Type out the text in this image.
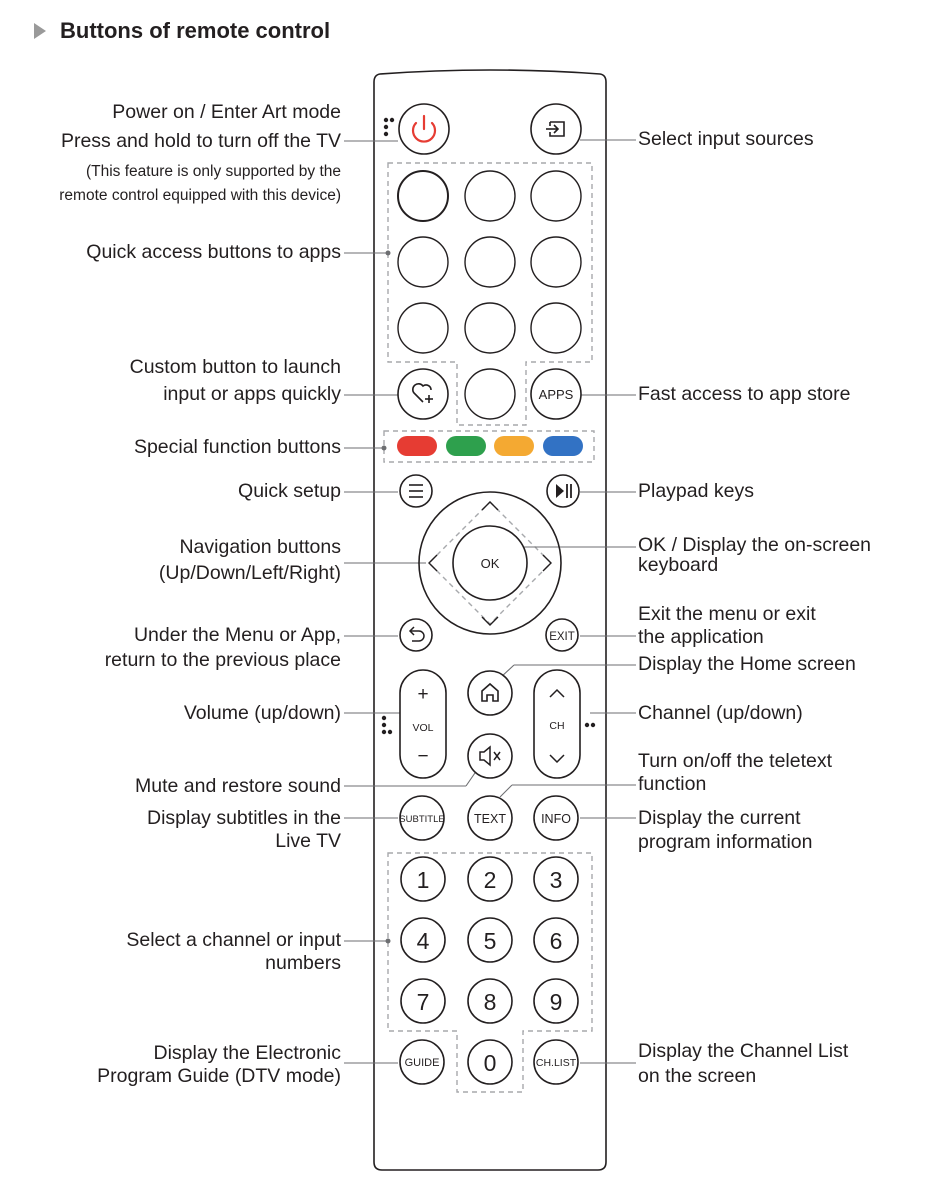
Buttons of remote control
APPS
OK
EXIT
+
VOL
−
CH
SUBTITLE TEXT	INFO
1 2 3
4 5 6
7 8 9
0
GUIDE	CH.LIST
Power on / Enter Art mode
Press and hold to turn off the TV
(This feature is only supported by the
remote control equipped with this device)
Quick access buttons to apps
Custom button to launch
input or apps quickly
Special function buttons
Quick setup
Navigation buttons
(Up/Down/Left/Right)
Under the Menu or App,
return to the previous place
Volume (up/down)
Mute and restore sound
Display subtitles in the
Live TV
Select a channel or input
numbers
Display the Electronic
Program Guide (DTV mode)
Select input sources
Fast access to app store
Playpad keys
OK / Display the on-screen
keyboard
Exit the menu or exit
the application
Display the Home screen
Channel (up/down)
Turn on/off the teletext
function
Display the current
program information
Display the Channel List
on the screen
